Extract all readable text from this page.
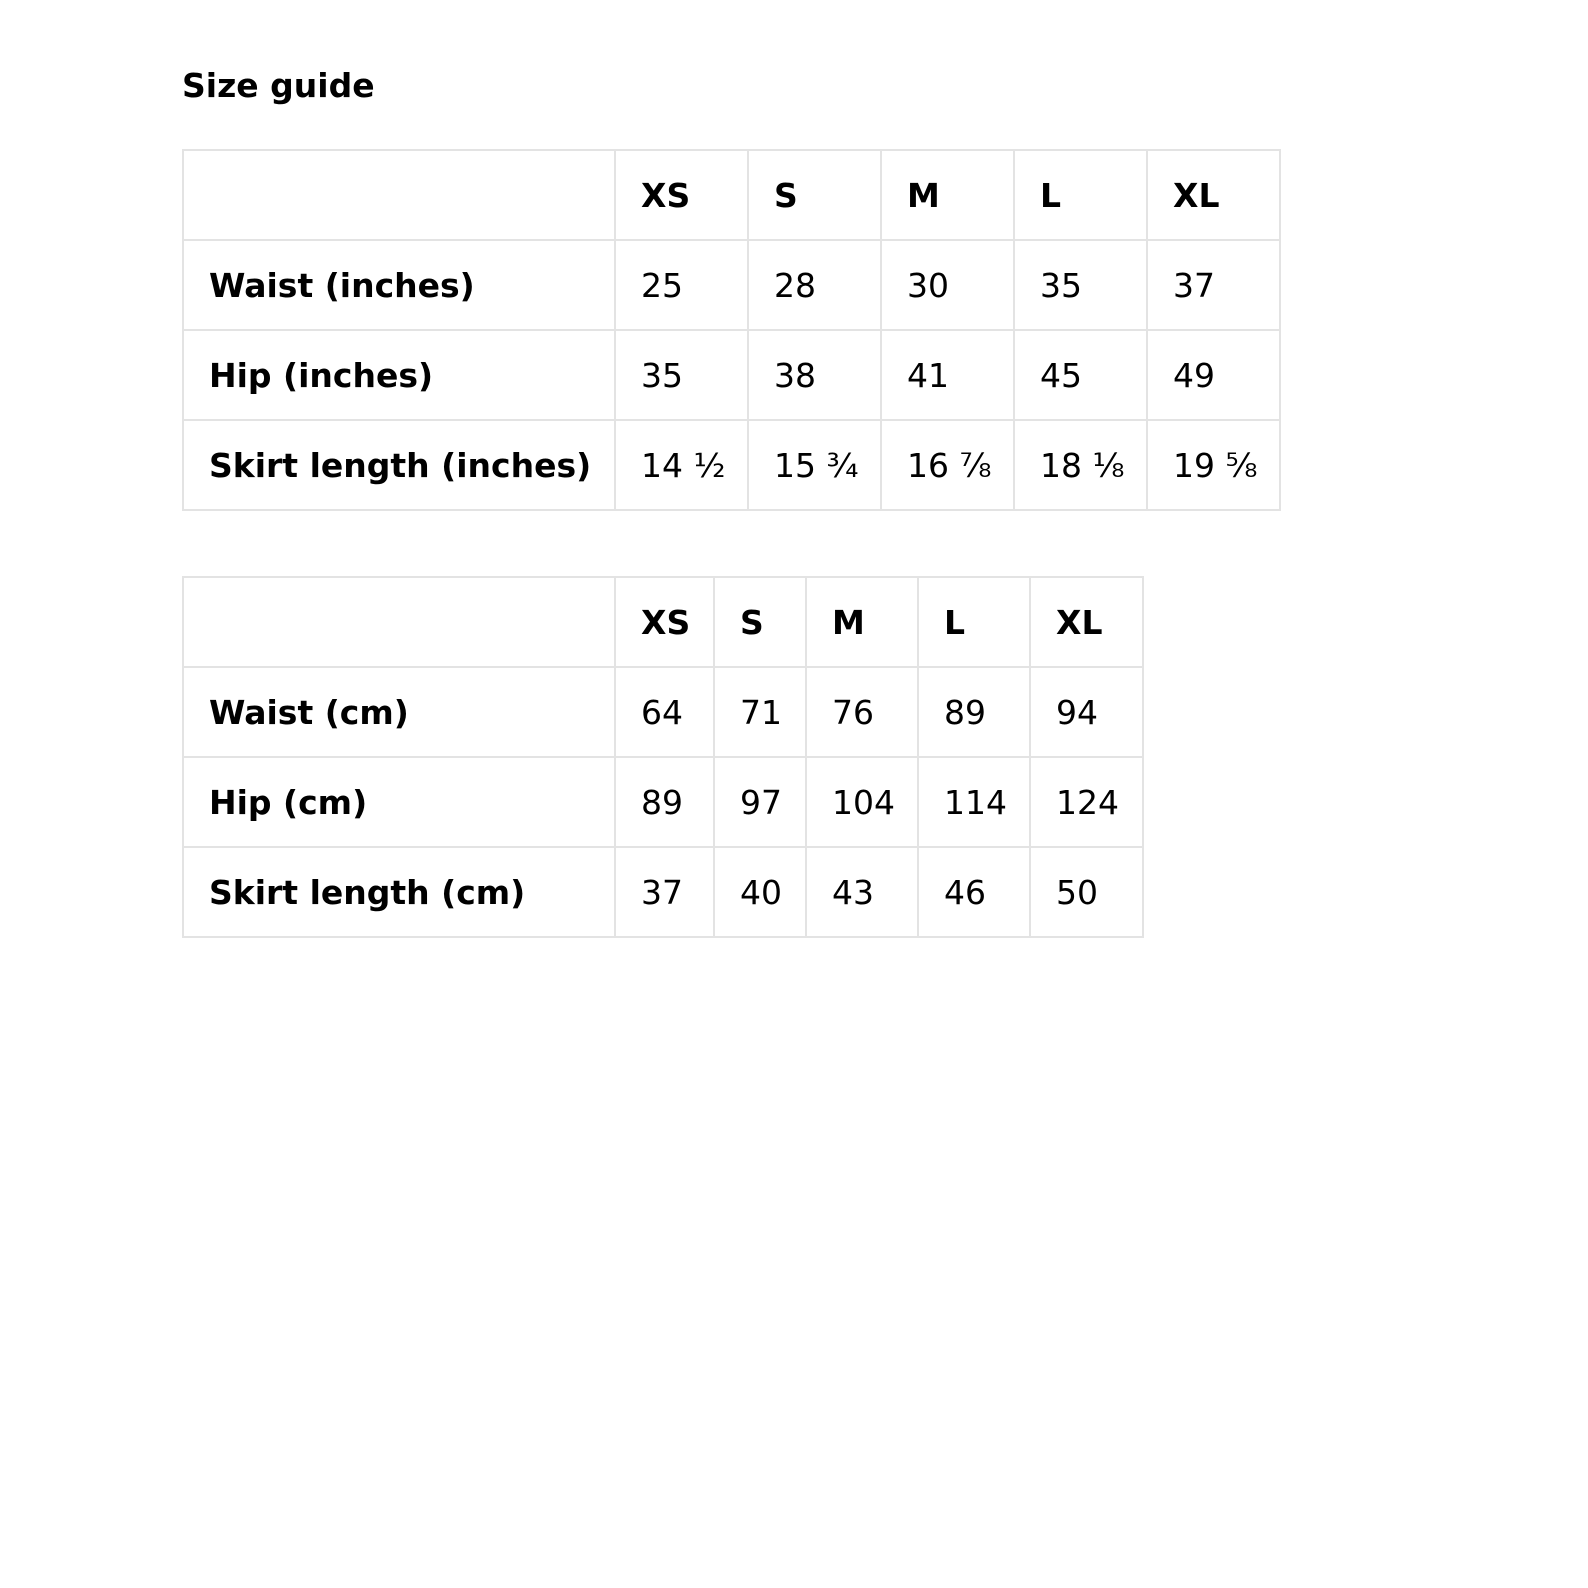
Size guide
	XS	S	M	L	XL
Waist (inches)	25	28	30	35	37
Hip (inches)	35	38	41	45	49
Skirt length (inches)	14 ½	15 ¾	16 ⅞	18 ⅛	19 ⅝
	XS	S	M	L	XL
Waist (cm)	64	71	76	89	94
Hip (cm)	89	97	104	114	124
Skirt length (cm)	37	40	43	46	50
